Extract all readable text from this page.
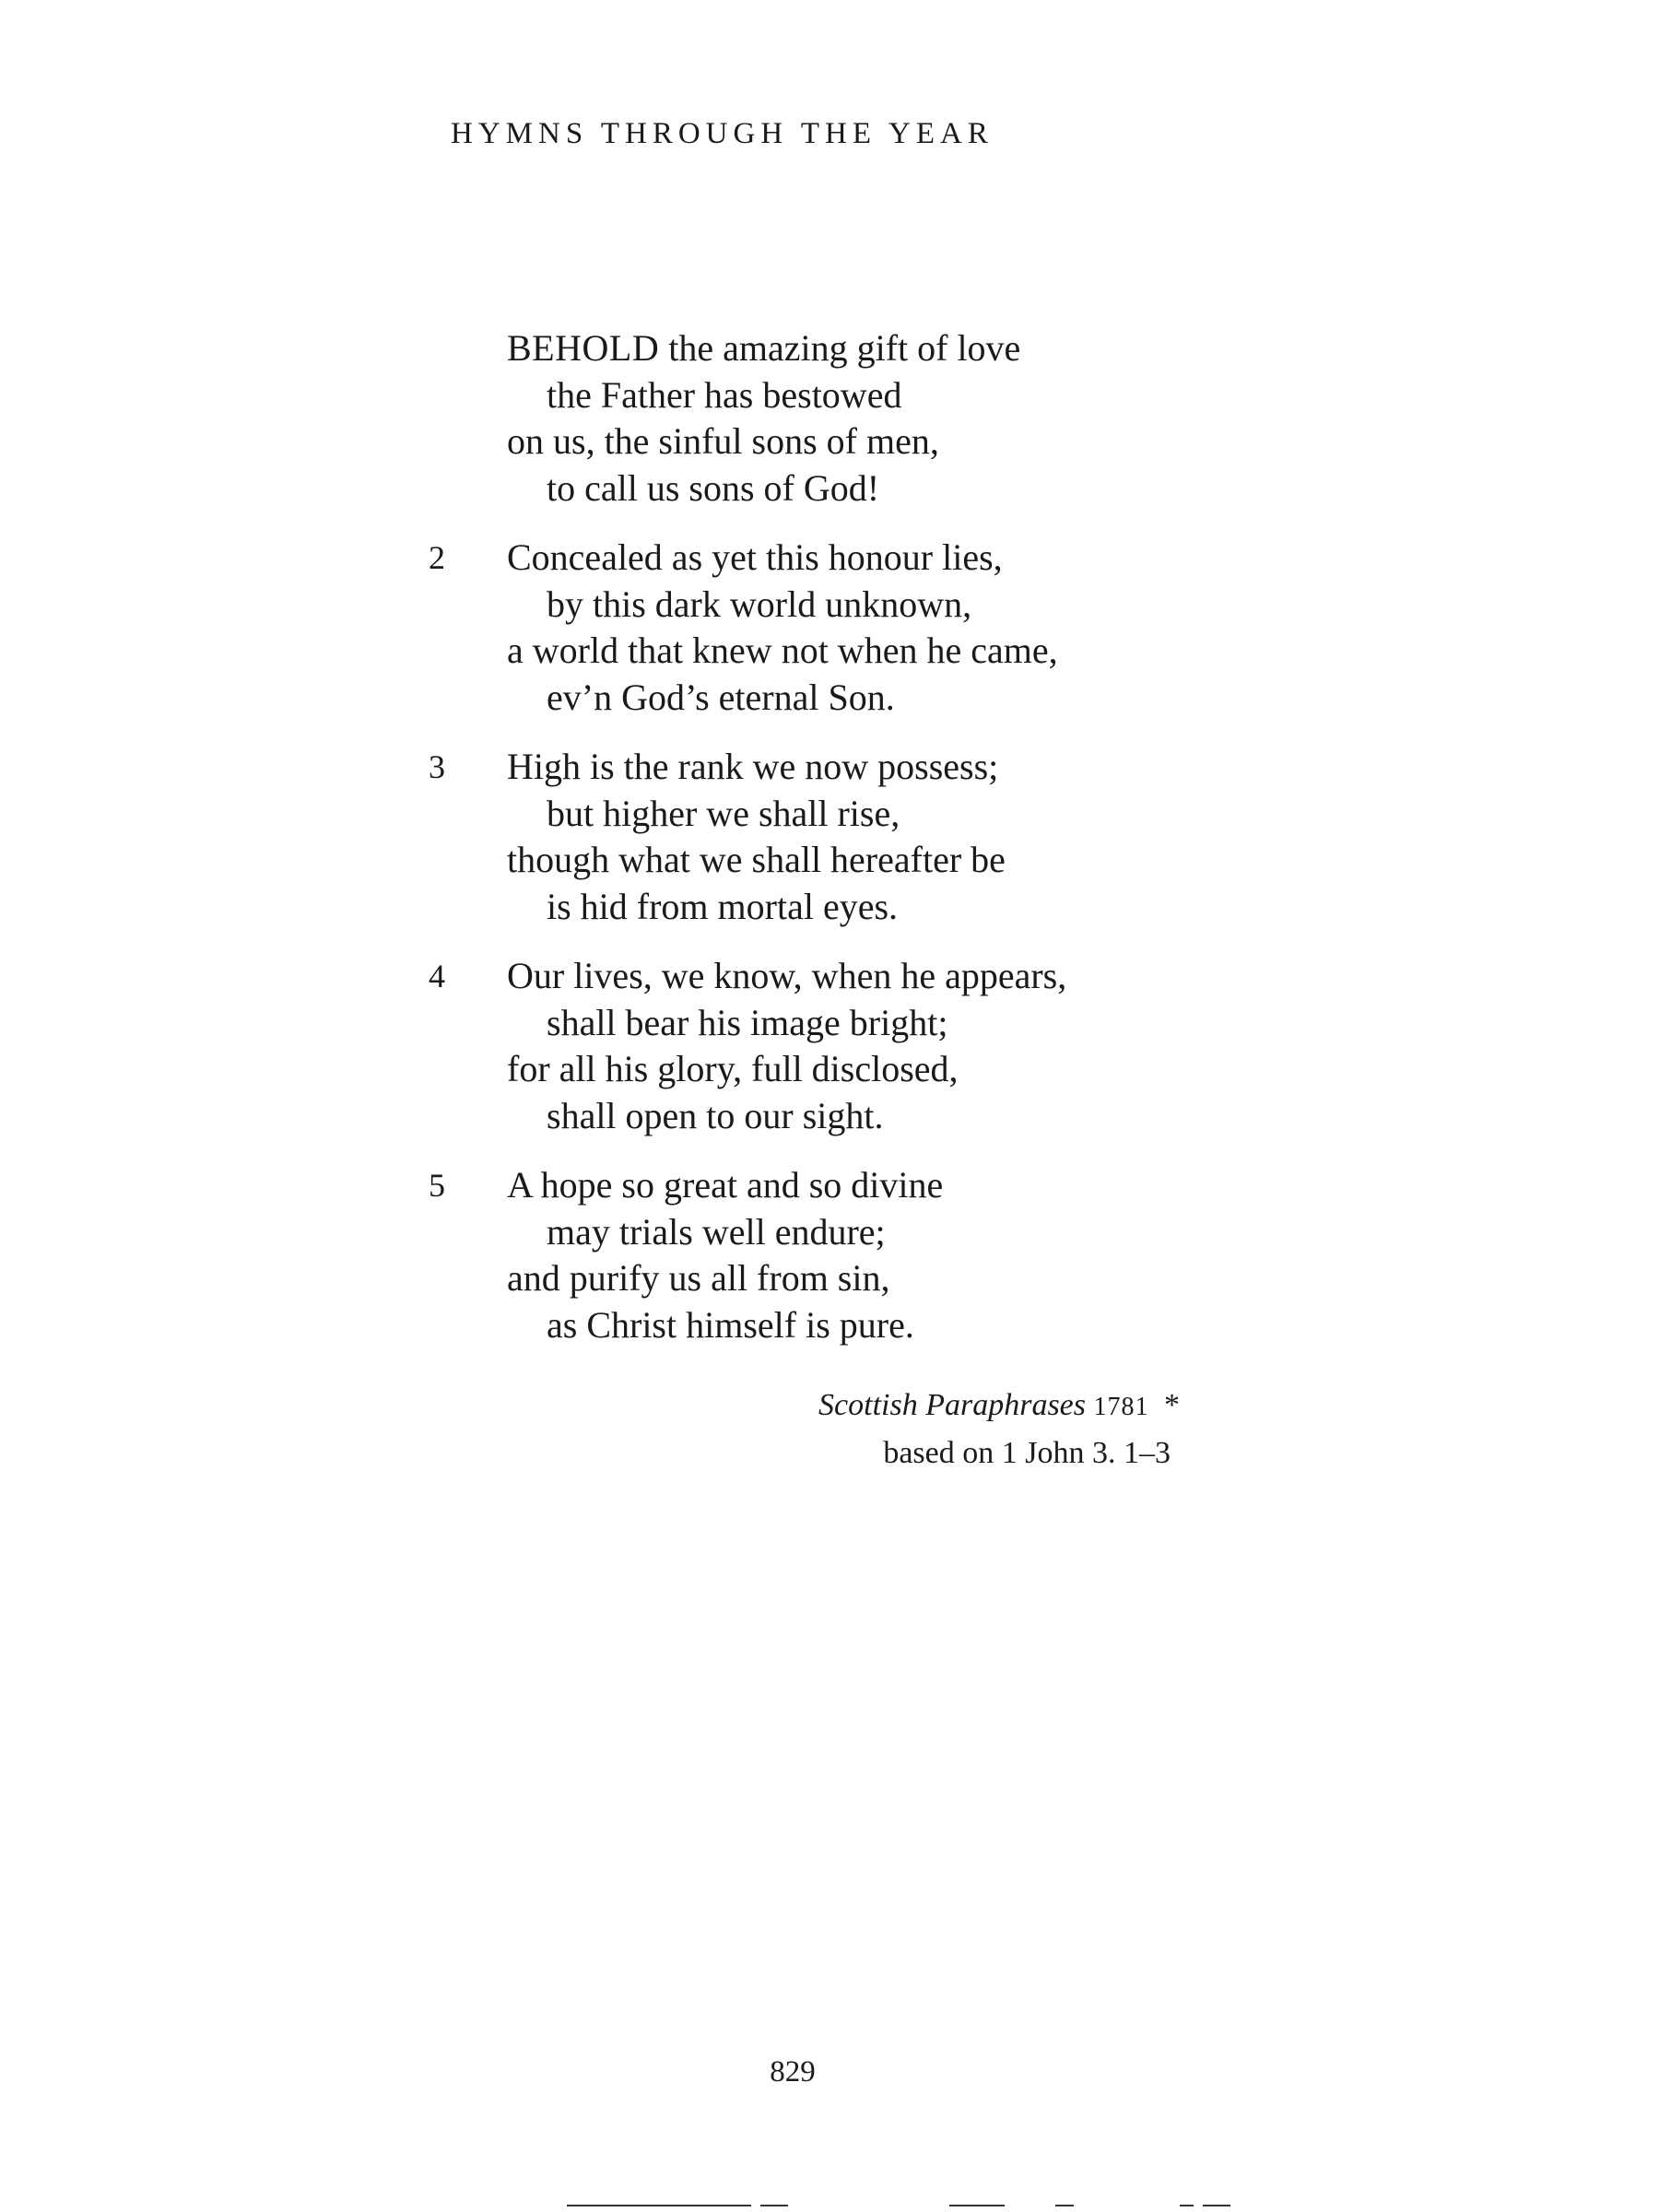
HYMNS THROUGH THE YEAR
BEHOLD the amazing gift of love
the Father has bestowed
on us, the sinful sons of men,
to call us sons of God!
2	Concealed as yet this honour lies,
by this dark world unknown,
a world that knew not when he came,
ev’n God’s eternal Son.
3	High is the rank we now possess;
but higher we shall rise,
though what we shall hereafter be
is hid from mortal eyes.
4	Our lives, we know, when he appears,
shall bear his image bright;
for all his glory, full disclosed,
shall open to our sight.
5	A hope so great and so divine
may trials well endure;
and purify us all from sin,
as Christ himself is pure.
Scottish Paraphrases 1781 *
based on 1 John 3. 1–3
829
